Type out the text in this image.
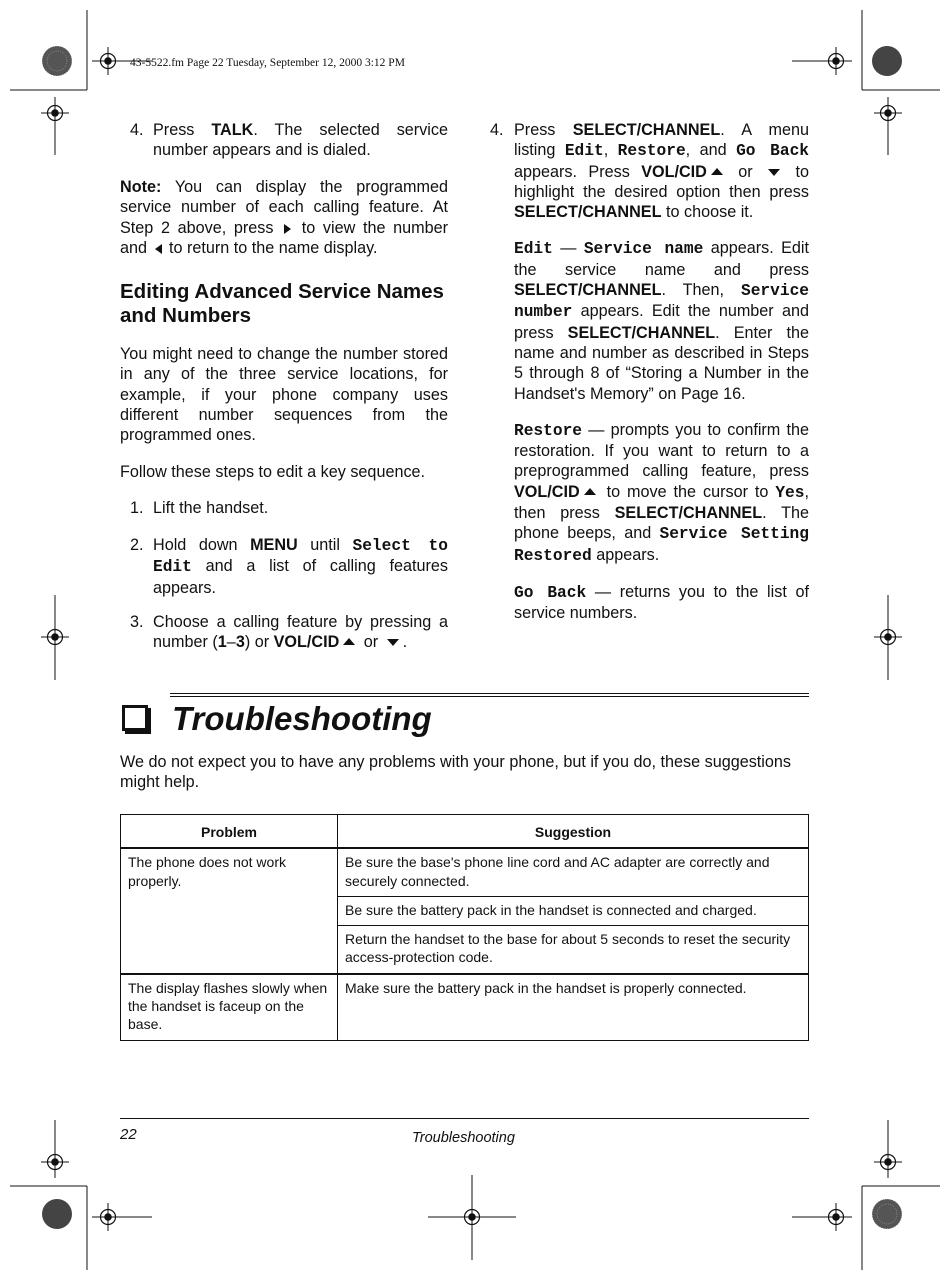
43-5522.fm Page 22 Tuesday, September 12, 2000 3:12 PM
4. Press TALK. The selected service number appears and is dialed.
Note: You can display the programmed service number of each calling feature. At Step 2 above, press  to view the number and  to return to the name display.
Editing Advanced Service Names and Numbers
You might need to change the number stored in any of the three service locations, for example, if your phone company uses different number sequences from the programmed ones.
Follow these steps to edit a key sequence.
1. Lift the handset.
2. Hold down MENU until Select to Edit and a list of calling features appears.
3. Choose a calling feature by pressing a number (1–3) or VOL/CID or .
4. Press SELECT/CHANNEL. A menu listing Edit, Restore, and Go Back appears. Press VOL/CID or  to highlight the desired option then press SELECT/CHANNEL to choose it.
Edit — Service name appears. Edit the service name and press SELECT/CHANNEL. Then, Service number appears. Edit the number and press SELECT/CHANNEL. Enter the name and number as described in Steps 5 through 8 of “Storing a Number in the Handset's Memory” on Page 16.
Restore — prompts you to confirm the restoration. If you want to return to a preprogrammed calling feature, press VOL/CID to move the cursor to Yes, then press SELECT/CHANNEL. The phone beeps, and Service Setting Restored appears.
Go Back — returns you to the list of service numbers.
Troubleshooting
We do not expect you to have any problems with your phone, but if you do, these suggestions might help.
Problem	Suggestion
The phone does not work properly.	Be sure the base's phone line cord and AC adapter are correctly and securely connected.
	Be sure the battery pack in the handset is connected and charged.
	Return the handset to the base for about 5 seconds to reset the security access-protection code.
The display flashes slowly when the handset is faceup on the base.	Make sure the battery pack in the handset is properly connected.
22	Troubleshooting
